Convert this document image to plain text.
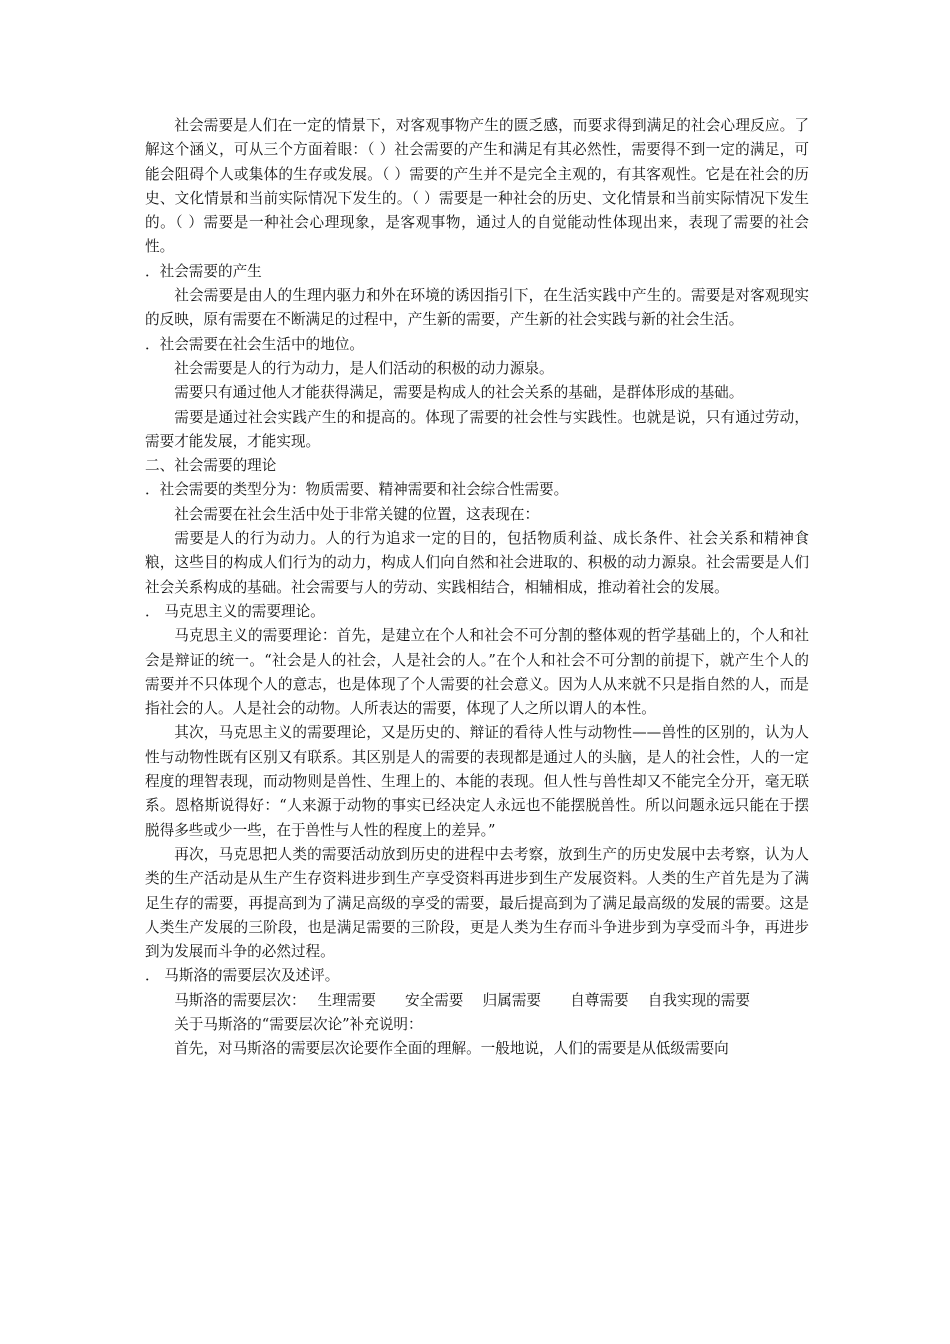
社会需要是人们在一定的情景下，对客观事物产生的匮乏感，而要求得到满足的社会心理反应。了解这个涵义，可从三个方面着眼：（ ）社会需要的产生和满足有其必然性，需要得不到一定的满足，可能会阻碍个人或集体的生存或发展。（ ）需要的产生并不是完全主观的，有其客观性。它是在社会的历史、文化情景和当前实际情况下发生的。（ ）需要是一种社会的历史、文化情景和当前实际情况下发生的。（ ）需要是一种社会心理现象，是客观事物，通过人的自觉能动性体现出来，表现了需要的社会性。

．社会需要的产生

社会需要是由人的生理内驱力和外在环境的诱因指引下，在生活实践中产生的。需要是对客观现实的反映，原有需要在不断满足的过程中，产生新的需要，产生新的社会实践与新的社会生活。

．社会需要在社会生活中的地位。

社会需要是人的行为动力，是人们活动的积极的动力源泉。

需要只有通过他人才能获得满足，需要是构成人的社会关系的基础，是群体形成的基础。

需要是通过社会实践产生的和提高的。体现了需要的社会性与实践性。也就是说，只有通过劳动，需要才能发展，才能实现。

二、社会需要的理论

．社会需要的类型分为：物质需要、精神需要和社会综合性需要。

社会需要在社会生活中处于非常关键的位置，这表现在：

需要是人的行为动力。人的行为追求一定的目的，包括物质利益、成长条件、社会关系和精神食粮，这些目的构成人们行为的动力，构成人们向自然和社会进取的、积极的动力源泉。社会需要是人们社会关系构成的基础。社会需要与人的劳动、实践相结合，相辅相成，推动着社会的发展。

． 马克思主义的需要理论。

马克思主义的需要理论：首先，是建立在个人和社会不可分割的整体观的哲学基础上的，个人和社会是辩证的统一。“社会是人的社会，人是社会的人。”在个人和社会不可分割的前提下，就产生个人的需要并不只体现个人的意志，也是体现了个人需要的社会意义。因为人从来就不只是指自然的人，而是指社会的人。人是社会的动物。人所表达的需要，体现了人之所以谓人的本性。

其次，马克思主义的需要理论，又是历史的、辩证的看待人性与动物性——兽性的区别的，认为人性与动物性既有区别又有联系。其区别是人的需要的表现都是通过人的头脑，是人的社会性，人的一定程度的理智表现，而动物则是兽性、生理上的、本能的表现。但人性与兽性却又不能完全分开，毫无联系。恩格斯说得好：“人来源于动物的事实已经决定人永远也不能摆脱兽性。所以问题永远只能在于摆脱得多些或少一些，在于兽性与人性的程度上的差异。”

再次，马克思把人类的需要活动放到历史的进程中去考察，放到生产的历史发展中去考察，认为人类的生产活动是从生产生存资料进步到生产享受资料再进步到生产发展资料。人类的生产首先是为了满足生存的需要，再提高到为了满足高级的享受的需要，最后提高到为了满足最高级的发展的需要。这是人类生产发展的三阶段，也是满足需要的三阶段，更是人类为生存而斗争进步到为享受而斗争，再进步到为发展而斗争的必然过程。

． 马斯洛的需要层次及述评。

马斯洛的需要层次：　 生理需要　　安全需要　 归属需要　　自尊需要　 自我实现的需要

关于马斯洛的“需要层次论”补充说明：

首先，对马斯洛的需要层次论要作全面的理解。一般地说，人们的需要是从低级需要向
